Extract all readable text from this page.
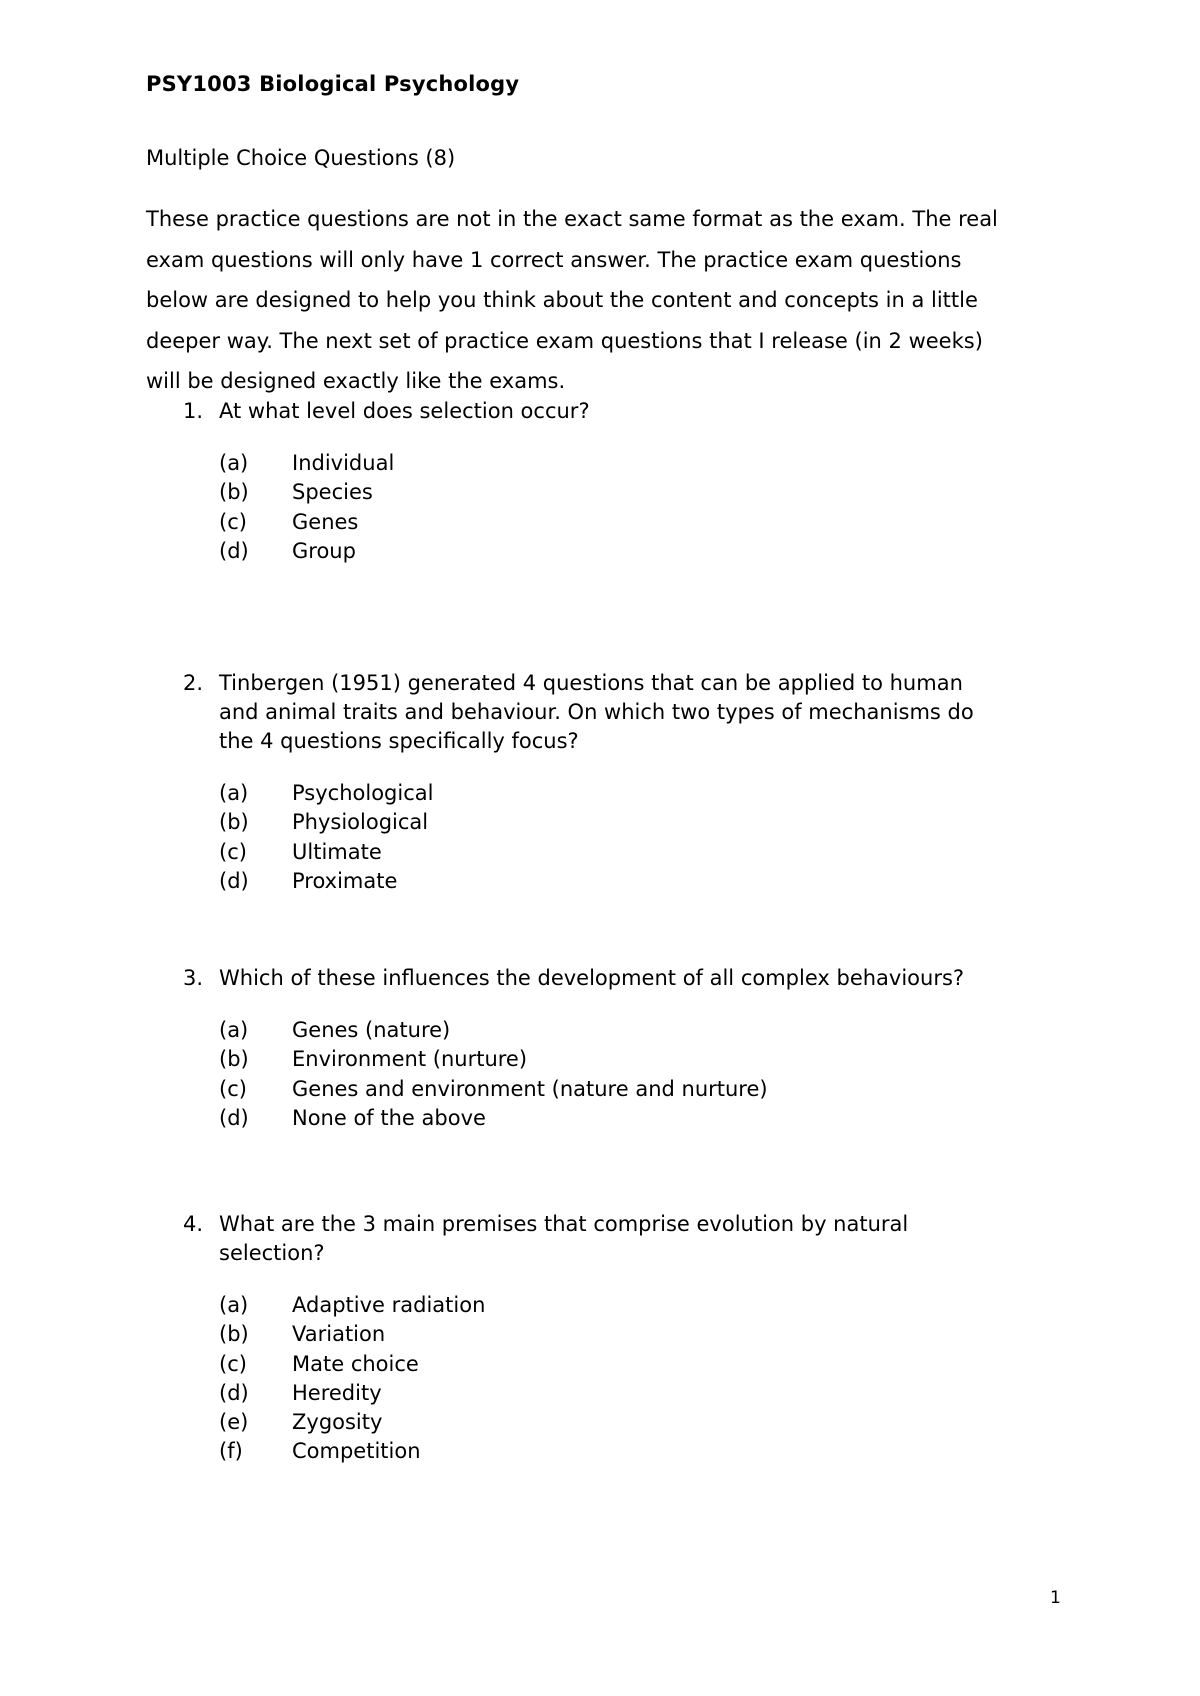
PSY1003 Biological Psychology

Multiple Choice Questions (8)

These practice questions are not in the exact same format as the exam. The real
exam questions will only have 1 correct answer. The practice exam questions
below are designed to help you think about the content and concepts in a little
deeper way. The next set of practice exam questions that I release (in 2 weeks)
will be designed exactly like the exams.

1. At what level does selection occur?

(a) Individual
(b) Species
(c) Genes
(d) Group

2. Tinbergen (1951) generated 4 questions that can be applied to human
and animal traits and behaviour. On which two types of mechanisms do
the 4 questions specifically focus?

(a) Psychological
(b) Physiological
(c) Ultimate
(d) Proximate

3. Which of these influences the development of all complex behaviours?

(a) Genes (nature)
(b) Environment (nurture)
(c) Genes and environment (nature and nurture)
(d) None of the above

4. What are the 3 main premises that comprise evolution by natural
selection?

(a) Adaptive radiation
(b) Variation
(c) Mate choice
(d) Heredity
(e) Zygosity
(f) Competition

1
